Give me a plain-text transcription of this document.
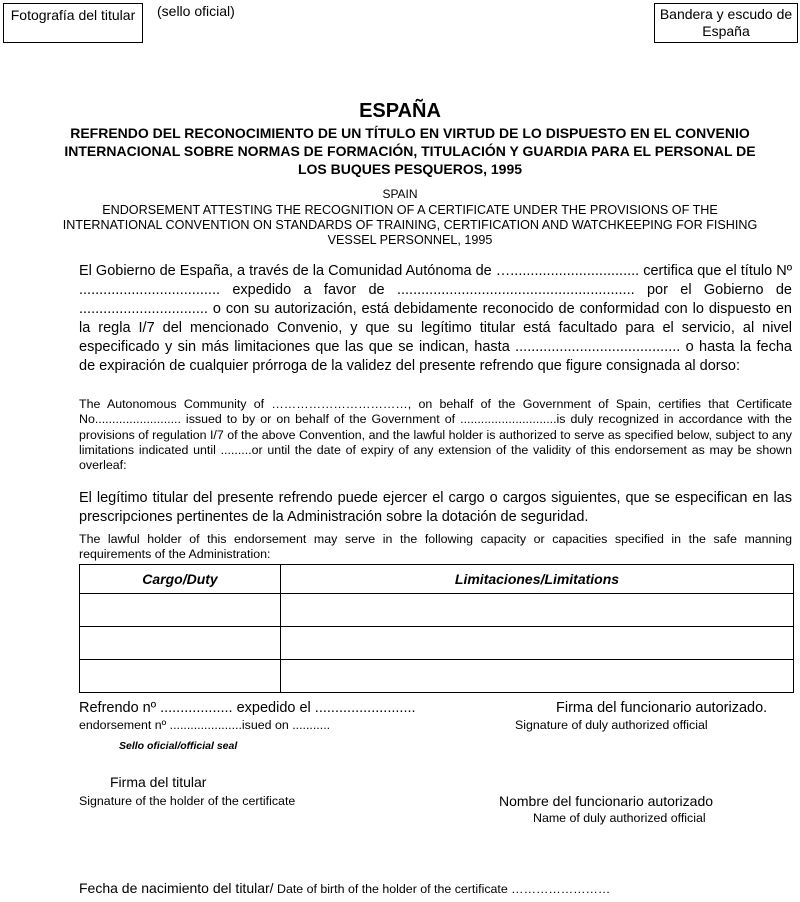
Fotografía del titular	(sello oficial)	Bandera y escudo de España
ESPAÑA
REFRENDO DEL RECONOCIMIENTO DE UN TÍTULO EN VIRTUD DE LO DISPUESTO EN EL CONVENIO INTERNACIONAL SOBRE NORMAS DE FORMACIÓN, TITULACIÓN Y GUARDIA PARA EL PERSONAL DE LOS BUQUES PESQUEROS, 1995
SPAIN
ENDORSEMENT ATTESTING THE RECOGNITION OF A CERTIFICATE UNDER THE PROVISIONS OF THE INTERNATIONAL CONVENTION ON STANDARDS OF TRAINING, CERTIFICATION AND WATCHKEEPING FOR FISHING VESSEL PERSONNEL, 1995
El Gobierno de España, a través de la Comunidad Autónoma de …................................ certifica que el título Nº ................................... expedido a favor de ........................................................... por el Gobierno de ................................ o con su autorización, está debidamente reconocido de conformidad con lo dispuesto en la regla I/7 del mencionado Convenio, y que su legítimo titular está facultado para el servicio, al nivel especificado y sin más limitaciones que las que se indican, hasta ......................................... o hasta la fecha de expiración de cualquier prórroga de la validez del presente refrendo que figure consignada al dorso:
The Autonomous Community of ……………………………, on behalf of the Government of Spain, certifies that Certificate No......................... issued to by or on behalf of the Government of ............................is duly recognized in accordance with the provisions of regulation I/7 of the above Convention, and the lawful holder is authorized to serve as specified below, subject to any limitations indicated until .........or until the date of expiry of any extension of the validity of this endorsement as may be shown overleaf:
El legítimo titular del presente refrendo puede ejercer el cargo o cargos siguientes, que se especifican en las prescripciones pertinentes de la Administración sobre la dotación de seguridad.
The lawful holder of this endorsement may serve in the following capacity or capacities specified in the safe manning requirements of the Administration:
Cargo/Duty	Limitaciones/Limitations

Refrendo nº .................. expedido el .........................
endorsement nº .....................isued on ...........
Firma del funcionario autorizado.
Signature of duly authorized official
Sello oficial/official seal
Firma del titular
Signature of the holder of the certificate	Nombre del funcionario autorizado
Name of duly authorized official
Fecha de nacimiento del titular/ Date of birth of the holder of the certificate ……………………
